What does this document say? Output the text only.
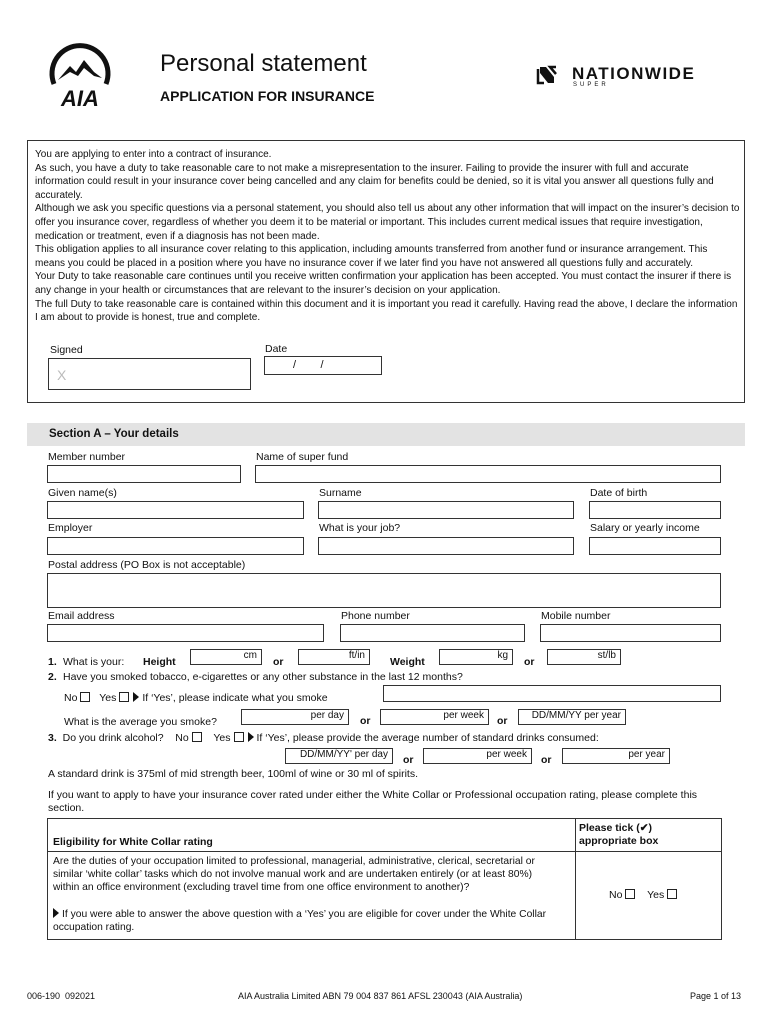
AIA
Personal statement
APPLICATION FOR INSURANCE
NATIONWIDE
SUPER
You are applying to enter into a contract of insurance.
As such, you have a duty to take reasonable care to not make a misrepresentation to the insurer. Failing to provide the insurer with full and accurate information could result in your insurance cover being cancelled and any claim for benefits could be denied, so it is vital you answer all questions fully and accurately.
Although we ask you specific questions via a personal statement, you should also tell us about any other information that will impact on the insurer’s decision to offer you insurance cover, regardless of whether you deem it to be material or important. This includes current medical issues that require investigation, medication or treatment, even if a diagnosis has not been made.
This obligation applies to all insurance cover relating to this application, including amounts transferred from another fund or insurance arrangement. This means you could be placed in a position where you have no insurance cover if we later find you have not answered all questions fully and accurately.
Your Duty to take reasonable care continues until you receive written confirmation your application has been accepted. You must contact the insurer if there is any change in your health or circumstances that are relevant to the insurer’s decision on your application.
The full Duty to take reasonable care is contained within this document and it is important you read it carefully. Having read the above, I declare the information I am about to provide is honest, true and complete.
Signed
X
Date
/        /
Section A – Your details
Member number	Name of super fund
Given name(s)	Surname	Date of birth
Employer	What is your job?	Salary or yearly income
Postal address (PO Box is not acceptable)
Email address	Phone number	Mobile number
1. What is your: Height
cm
or
ft/in
Weight
kg
or
st/lb
2. Have you smoked tobacco, e-cigarettes or any other substance in the last 12 months?
No Yes If ‘Yes’, please indicate what you smoke
What is the average you smoke?
per day or	per week or DD/MM/YY per year
3. Do you drink alcohol? No Yes If ‘Yes’, please provide the average number of standard drinks consumed:
DD/MM/YY' per day or	per week or	per year
A standard drink is 375ml of mid strength beer, 100ml of wine or 30 ml of spirits.
If you want to apply to have your insurance cover rated under either the White Collar or Professional occupation rating, please complete this section.
Eligibility for White Collar rating
Please tick (✔) appropriate box
Are the duties of your occupation limited to professional, managerial, administrative, clerical, secretarial or similar ‘white collar’ tasks which do not involve manual work and are undertaken entirely (or at least 80%) within an office environment (excluding travel time from one office environment to another)?
If you were able to answer the above question with a ‘Yes’ you are eligible for cover under the White Collar occupation rating.
No Yes
006-190  092021	AIA Australia Limited ABN 79 004 837 861 AFSL 230043 (AIA Australia)	Page 1 of 13
